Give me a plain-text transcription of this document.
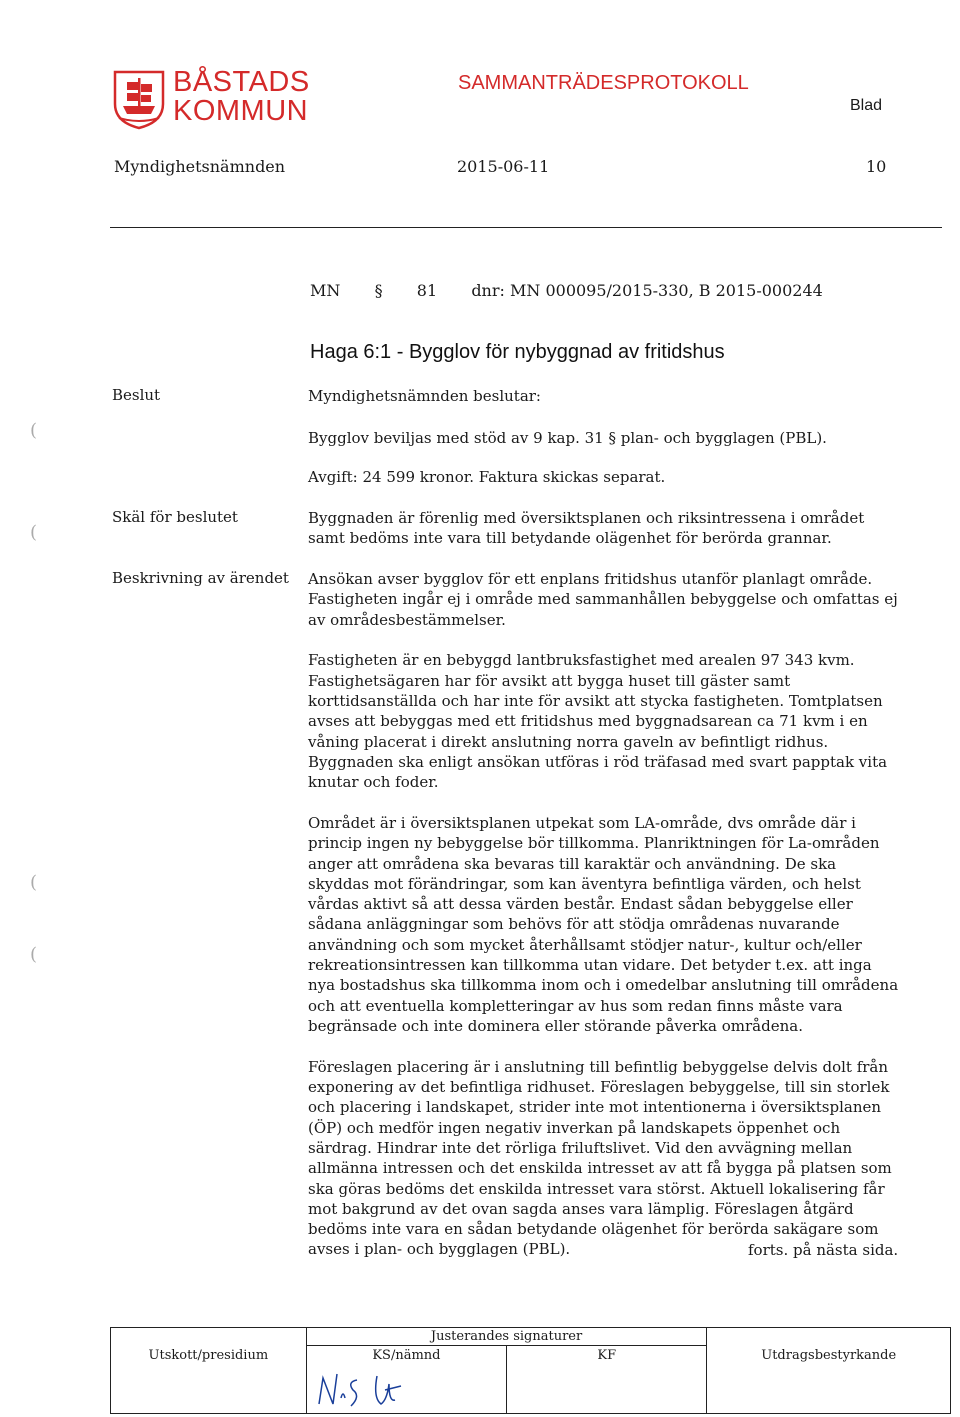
BÅSTADS
KOMMUN
SAMMANTRÄDESPROTOKOLL
Blad
Myndighetsnämnden	2015-06-11	10
MN § 81 dnr: MN 000095/2015-330, B 2015-000244
Haga 6:1 - Bygglov för nybyggnad av fritidshus
Beslut	Myndighetsnämnden beslutar:
Bygglov beviljas med stöd av 9 kap. 31 § plan- och bygglagen (PBL).
Avgift: 24 599 kronor. Faktura skickas separat.
Skäl för beslutet	Byggnaden är förenlig med översiktsplanen och riksintressena i området samt bedöms inte vara till betydande olägenhet för berörda grannar.
Beskrivning av ärendet Ansökan avser bygglov för ett enplans fritidshus utanför planlagt område. Fastigheten ingår ej i område med sammanhållen bebyggelse och omfattas ej av områdesbestämmelser.

Fastigheten är en bebyggd lantbruksfastighet med arealen 97 343 kvm. Fastighetsägaren har för avsikt att bygga huset till gäster samt korttidsanställda och har inte för avsikt att stycka fastigheten. Tomtplatsen avses att bebyggas med ett fritidshus med byggnadsarean ca 71 kvm i en våning placerat i direkt anslutning norra gaveln av befintligt ridhus. Byggnaden ska enligt ansökan utföras i röd träfasad med svart papptak vita knutar och foder.

Området är i översiktsplanen utpekat som LA-område, dvs område där i princip ingen ny bebyggelse bör tillkomma. Planriktningen för La-områden anger att områdena ska bevaras till karaktär och användning. De ska skyddas mot förändringar, som kan äventyra befintliga värden, och helst vårdas aktivt så att dessa värden består. Endast sådan bebyggelse eller sådana anläggningar som behövs för att stödja områdenas nuvarande användning och som mycket återhållsamt stödjer natur-, kultur och/eller rekreationsintressen kan tillkomma utan vidare. Det betyder t.ex. att inga nya bostadshus ska tillkomma inom och i omedelbar anslutning till områdena och att eventuella kompletteringar av hus som redan finns måste vara begränsade och inte dominera eller störande påverka områdena.

Föreslagen placering är i anslutning till befintlig bebyggelse delvis dolt från exponering av det befintliga ridhuset. Föreslagen bebyggelse, till sin storlek och placering i landskapet, strider inte mot intentionerna i översiktsplanen (ÖP) och medför ingen negativ inverkan på landskapets öppenhet och särdrag. Hindrar inte det rörliga friluftslivet. Vid den avvägning mellan allmänna intressen och det enskilda intresset av att få bygga på platsen som ska göras bedöms det enskilda intresset vara störst. Aktuell lokalisering får mot bakgrund av det ovan sagda anses vara lämplig. Föreslagen åtgärd bedöms inte vara en sådan betydande olägenhet för berörda sakägare som avses i plan- och bygglagen (PBL).	forts. på nästa sida.
(
(
(
(
	Justerandes signaturer		
Utskott/presidium	KS/nämnd	KF	Utdragsbestyrkande
